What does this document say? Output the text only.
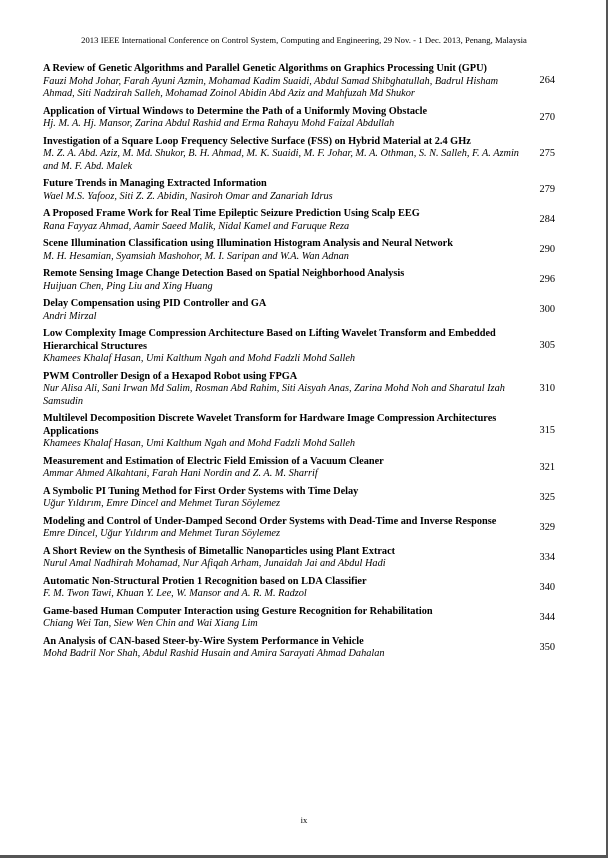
2013 IEEE International Conference on Control System, Computing and Engineering, 29 Nov. - 1 Dec. 2013, Penang, Malaysia
A Review of Genetic Algorithms and Parallel Genetic Algorithms on Graphics Processing Unit (GPU)
264
Fauzi Mohd Johar, Farah Ayuni Azmin, Mohamad Kadim Suaidi, Abdul Samad Shibghatullah, Badrul Hisham Ahmad, Siti Nadzirah Salleh, Mohamad Zoinol Abidin Abd Aziz and Mahfuzah Md Shukor
Application of Virtual Windows to Determine the Path of a Uniformly Moving Obstacle
270
Hj. M. A. Hj. Mansor, Zarina Abdul Rashid and Erma Rahayu Mohd Faizal Abdullah
Investigation of a Square Loop Frequency Selective Surface (FSS) on Hybrid Material at 2.4 GHz
275
M. Z. A. Abd. Aziz, M. Md. Shukor, B. H. Ahmad, M. K. Suaidi, M. F. Johar, M. A. Othman, S. N. Salleh, F. A. Azmin and M. F. Abd. Malek
Future Trends in Managing Extracted Information
279
Wael M.S. Yafooz, Siti Z. Z. Abidin, Nasiroh Omar and Zanariah Idrus
A Proposed Frame Work for Real Time Epileptic Seizure Prediction Using Scalp EEG
284
Rana Fayyaz Ahmad, Aamir Saeed Malik, Nidal Kamel and Faruque Reza
Scene Illumination Classification using Illumination Histogram Analysis and Neural Network
290
M. H. Hesamian, Syamsiah Mashohor, M. I. Saripan and W.A. Wan Adnan
Remote Sensing Image Change Detection Based on Spatial Neighborhood Analysis
296
Huijuan Chen, Ping Liu and Xing Huang
Delay Compensation using PID Controller and GA
300
Andri Mirzal
Low Complexity Image Compression Architecture Based on Lifting Wavelet Transform and Embedded Hierarchical Structures	305
Khamees Khalaf Hasan, Umi Kalthum Ngah and Mohd Fadzli Mohd Salleh
PWM Controller Design of a Hexapod Robot using FPGA
310
Nur Alisa Ali, Sani Irwan Md Salim, Rosman Abd Rahim, Siti Aisyah Anas, Zarina Mohd Noh and Sharatul Izah Samsudin
Multilevel Decomposition Discrete Wavelet Transform for Hardware Image Compression Architectures Applications	315
Khamees Khalaf Hasan, Umi Kalthum Ngah and Mohd Fadzli Mohd Salleh
Measurement and Estimation of Electric Field Emission of a Vacuum Cleaner
321
Ammar Ahmed Alkahtani, Farah Hani Nordin and Z. A. M. Sharrif
A Symbolic PI Tuning Method for First Order Systems with Time Delay
325
Uğur Yıldırım, Emre Dincel and Mehmet Turan Söylemez
Modeling and Control of Under-Damped Second Order Systems with Dead-Time and Inverse Response
329
Emre Dincel, Uğur Yıldırım and Mehmet Turan Söylemez
A Short Review on the Synthesis of Bimetallic Nanoparticles using Plant Extract
334
Nurul Amal Nadhirah Mohamad, Nur Afiqah Arham, Junaidah Jai and Abdul Hadi
Automatic Non-Structural Protien 1 Recognition based on LDA Classifier
340
F. M. Twon Tawi, Khuan Y. Lee, W. Mansor and A. R. M. Radzol
Game-based Human Computer Interaction using Gesture Recognition for Rehabilitation
344
Chiang Wei Tan, Siew Wen Chin and Wai Xiang Lim
An Analysis of CAN-based Steer-by-Wire System Performance in Vehicle
350
Mohd Badril Nor Shah, Abdul Rashid Husain and Amira Sarayati Ahmad Dahalan
ix
